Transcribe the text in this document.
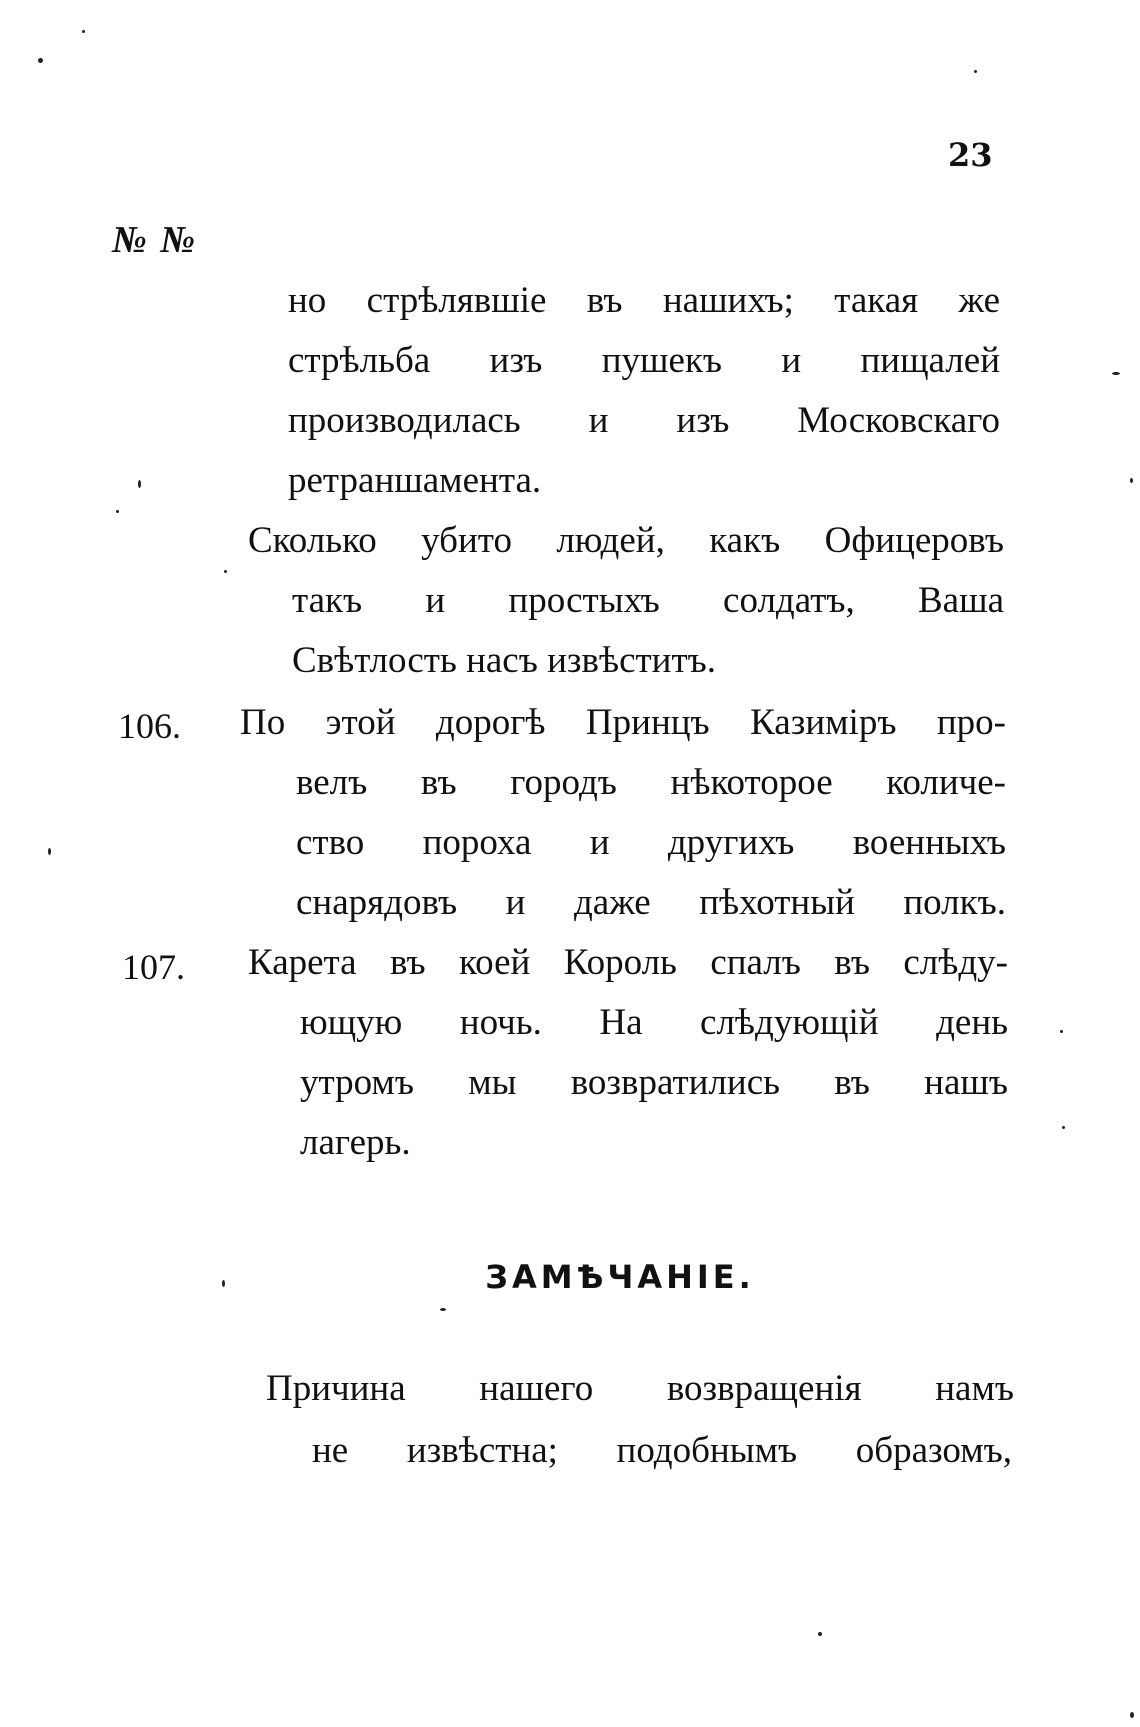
23
№ №
но стрѣлявшіе въ нашихъ; такая же
стрѣльба изъ пушекъ и пищалей
производилась и изъ Московскаго
ретраншамента.
Сколько убито людей, какъ Офицеровъ
такъ и простыхъ солдатъ, Ваша
Свѣтлость насъ извѣститъ.
106. По этой дорогѣ Принцъ Казиміръ про-
велъ въ городъ нѣкоторое количе-
ство пороха и другихъ военныхъ
снарядовъ и даже пѣхотный полкъ.
107. Карета въ коей Король спалъ въ слѣду-
ющую ночь. На слѣдующій день
утромъ мы возвратились въ нашъ
лагерь.
ЗАМѢЧАНІЕ.
Причина нашего возвращенія намъ
не извѣстна; подобнымъ образомъ,
